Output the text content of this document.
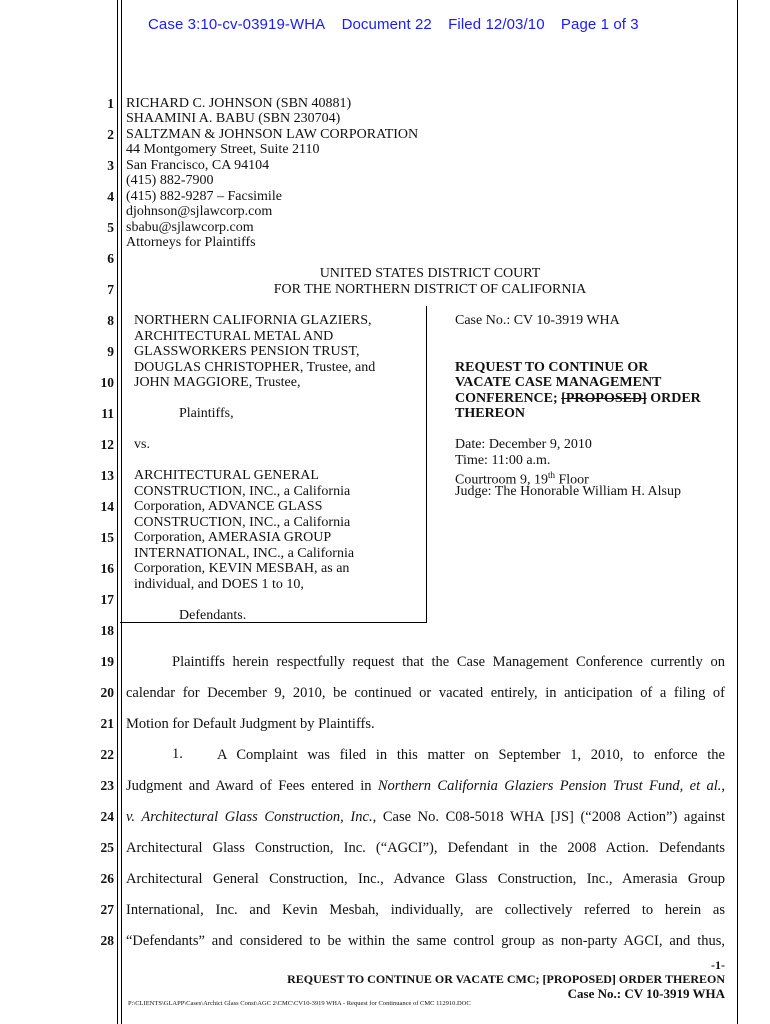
Case 3:10-cv-03919-WHA Document 22 Filed 12/03/10 Page 1 of 3
1
2
3
4
5
6
7
8
9
10
11
12
13
14
15
16
17
18
19
20
21
22
23
24
25
26
27
28
RICHARD C. JOHNSON (SBN 40881)
SHAAMINI A. BABU (SBN 230704)
SALTZMAN & JOHNSON LAW CORPORATION
44 Montgomery Street, Suite 2110
San Francisco, CA 94104
(415) 882-7900
(415) 882-9287 – Facsimile
djohnson@sjlawcorp.com
sbabu@sjlawcorp.com
Attorneys for Plaintiffs
UNITED STATES DISTRICT COURT
FOR THE NORTHERN DISTRICT OF CALIFORNIA
NORTHERN CALIFORNIA GLAZIERS,
ARCHITECTURAL METAL AND
GLASSWORKERS PENSION TRUST,
DOUGLAS CHRISTOPHER, Trustee, and
JOHN MAGGIORE, Trustee,
Plaintiffs,
vs.
ARCHITECTURAL GENERAL
CONSTRUCTION, INC., a California
Corporation, ADVANCE GLASS
CONSTRUCTION, INC., a California
Corporation, AMERASIA GROUP
INTERNATIONAL, INC., a California
Corporation, KEVIN MESBAH, as an
individual, and DOES 1 to 10,
Defendants.
Case No.: CV 10-3919 WHA
REQUEST TO CONTINUE OR
VACATE CASE MANAGEMENT
CONFERENCE; [PROPOSED] ORDER
THEREON
Date: December 9, 2010
Time: 11:00 a.m.
Courtroom 9, 19th Floor
Judge: The Honorable William H. Alsup
Plaintiffs herein respectfully request that the Case Management Conference currently on
calendar for December 9, 2010, be continued or vacated entirely, in anticipation of a filing of
Motion for Default Judgment by Plaintiffs.
1. A Complaint was filed in this matter on September 1, 2010, to enforce the
Judgment and Award of Fees entered in Northern California Glaziers Pension Trust Fund, et al.,
v. Architectural Glass Construction, Inc., Case No. C08-5018 WHA [JS] (“2008 Action”) against
Architectural Glass Construction, Inc. (“AGCI”), Defendant in the 2008 Action. Defendants
Architectural General Construction, Inc., Advance Glass Construction, Inc., Amerasia Group
International, Inc. and Kevin Mesbah, individually, are collectively referred to herein as
“Defendants” and considered to be within the same control group as non-party AGCI, and thus,
-1-
REQUEST TO CONTINUE OR VACATE CMC; [PROPOSED] ORDER THEREON
Case No.: CV 10-3919 WHA
P:\CLIENTS\GLAPP\Cases\Archict Glass Const\AGC 2\CMC\CV10-3919 WHA - Request for Continuance of CMC 112910.DOC
